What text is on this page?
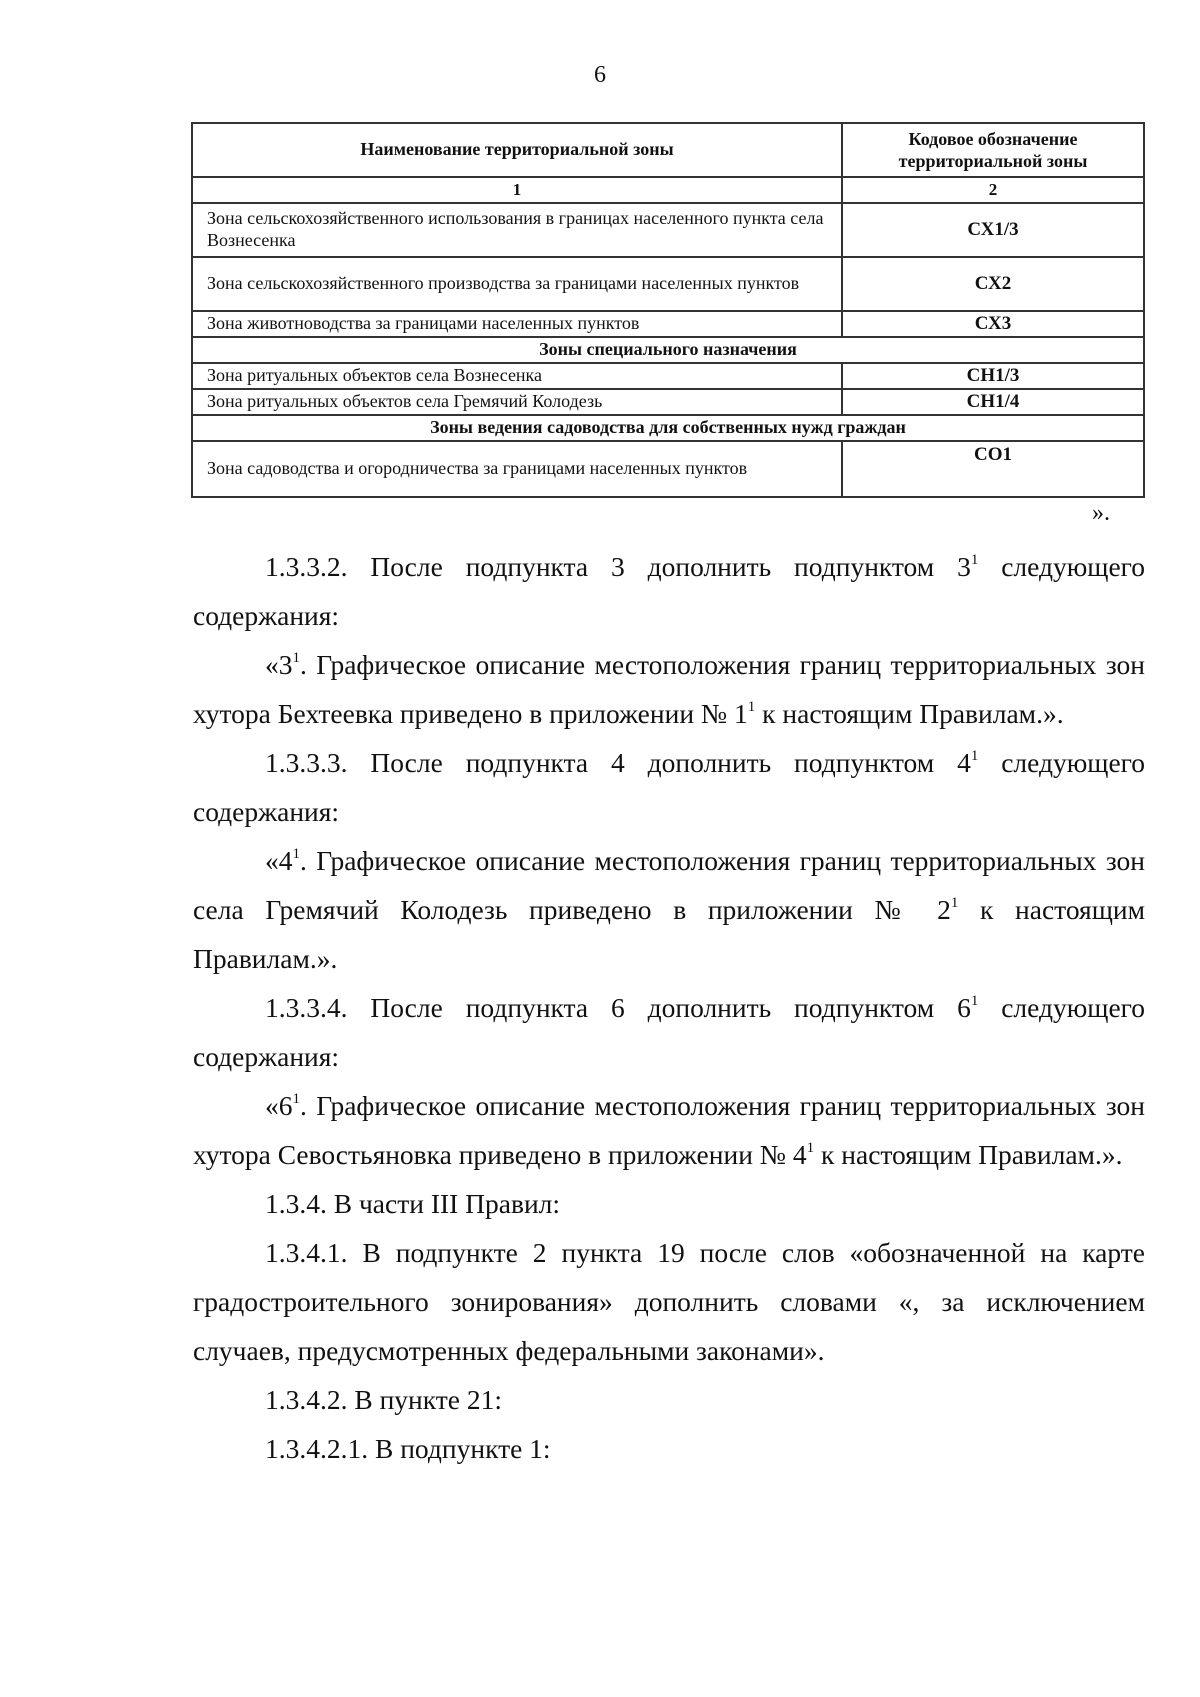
6
Наименование территориальной зоны	Кодовое обозначение территориальной зоны
1	2
Зона сельскохозяйственного использования в границах населенного пункта села Вознесенка	СХ1/3
Зона сельскохозяйственного производства за границами населенных пунктов	СХ2
Зона животноводства за границами населенных пунктов	СХ3
Зоны специального назначения	
Зона ритуальных объектов села Вознесенка	СН1/3
Зона ритуальных объектов села Гремячий Колодезь	СН1/4
Зоны ведения садоводства для собственных нужд граждан	
Зона садоводства и огородничества за границами населенных пунктов	СО1
».

1.3.3.2. После подпункта 3 дополнить подпунктом $3^1$ следующего содержания:

«$3^1$. Графическое описание местоположения границ территориальных зон хутора Бехтеевка приведено в приложении № $1^1$ к настоящим Правилам.».

1.3.3.3. После подпункта 4 дополнить подпунктом $4^1$ следующего содержания:

«$4^1$. Графическое описание местоположения границ территориальных зон села Гремячий Колодезь приведено в приложении № $2^1$ к настоящим Правилам.».

1.3.3.4. После подпункта 6 дополнить подпунктом $6^1$ следующего содержания:

«$6^1$. Графическое описание местоположения границ территориальных зон хутора Севостьяновка приведено в приложении № $4^1$ к настоящим Правилам.».

1.3.4. В части III Правил:

1.3.4.1. В подпункте 2 пункта 19 после слов «обозначенной на карте градостроительного зонирования» дополнить словами «, за исключением случаев, предусмотренных федеральными законами».

1.3.4.2. В пункте 21:

1.3.4.2.1. В подпункте 1:
